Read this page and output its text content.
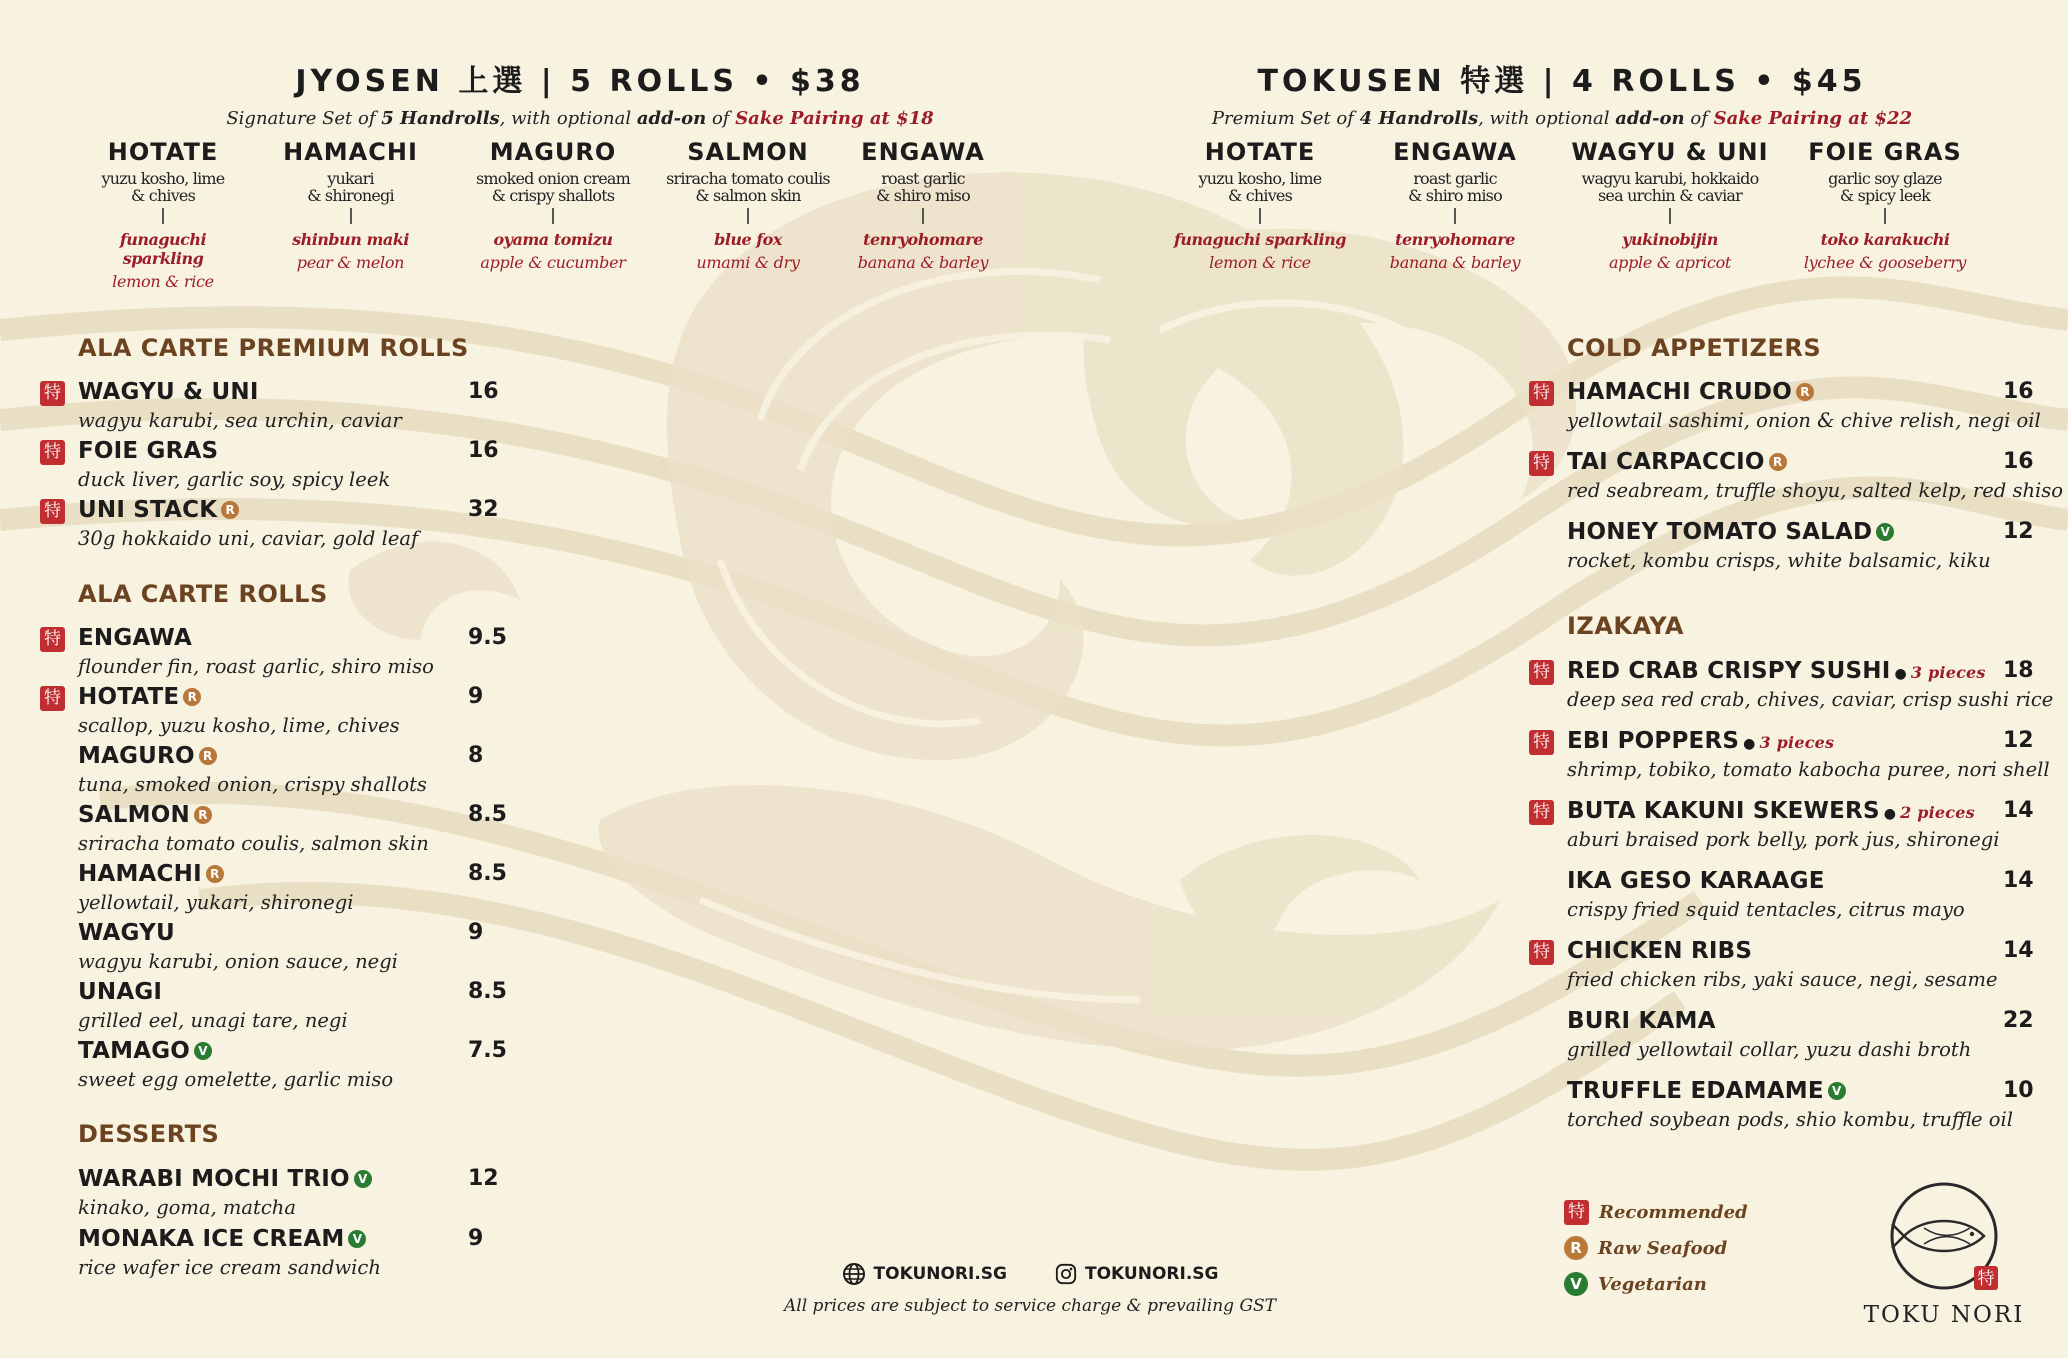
JYOSEN 上選 | 5 ROLLS • $38
Signature Set of 5 Handrolls, with optional add-on of Sake Pairing at $18
HOTATE
yuzu kosho, lime
& chives
funaguchi sparkling
lemon & rice
HAMACHI
yukari
& shironegi
shinbun maki
pear & melon
MAGURO
smoked onion cream
& crispy shallots
oyama tomizu
apple & cucumber
SALMON
sriracha tomato coulis
& salmon skin
blue fox
umami & dry
ENGAWA
roast garlic
& shiro miso
tenryohomare
banana & barley
TOKUSEN 特選 | 4 ROLLS • $45
Premium Set of 4 Handrolls, with optional add-on of Sake Pairing at $22
HOTATE
yuzu kosho, lime
& chives
funaguchi sparkling
lemon & rice
ENGAWA
roast garlic
& shiro miso
tenryohomare
banana & barley
WAGYU & UNI
wagyu karubi, hokkaido
sea urchin & caviar
yukinobijin
apple & apricot
FOIE GRAS
garlic soy glaze
& spicy leek
toko karakuchi
lychee & gooseberry
ALA CARTE PREMIUM ROLLS
特 WAGYU & UNI
wagyu karubi, sea urchin, caviar
16
特 FOIE GRAS
duck liver, garlic soy, spicy leek
16
特 UNI STACK R
30g hokkaido uni, caviar, gold leaf
32
ALA CARTE ROLLS
特 ENGAWA
flounder fin, roast garlic, shiro miso
9.5
特 HOTATE R
scallop, yuzu kosho, lime, chives
9
MAGURO R
tuna, smoked onion, crispy shallots
8
SALMON R
sriracha tomato coulis, salmon skin
8.5
HAMACHI R
yellowtail, yukari, shironegi
8.5
WAGYU
wagyu karubi, onion sauce, negi
9
UNAGI
grilled eel, unagi tare, negi
8.5
TAMAGO V
sweet egg omelette, garlic miso
7.5
DESSERTS
WARABI MOCHI TRIO V
kinako, goma, matcha
12
MONAKA ICE CREAM V
rice wafer ice cream sandwich
9
COLD APPETIZERS
特 HAMACHI CRUDO R
yellowtail sashimi, onion & chive relish, negi oil
16
特 TAI CARPACCIO R
red seabream, truffle shoyu, salted kelp, red shiso
16
HONEY TOMATO SALAD V
rocket, kombu crisps, white balsamic, kiku
12
IZAKAYA
特 RED CRAB CRISPY SUSHI ● 3 pieces
deep sea red crab, chives, caviar, crisp sushi rice
18
特 EBI POPPERS ● 3 pieces
shrimp, tobiko, tomato kabocha puree, nori shell
12
特 BUTA KAKUNI SKEWERS ● 2 pieces
aburi braised pork belly, pork jus, shironegi
14
IKA GESO KARAAGE
crispy fried squid tentacles, citrus mayo
14
特 CHICKEN RIBS
fried chicken ribs, yaki sauce, negi, sesame
14
BURI KAMA
grilled yellowtail collar, yuzu dashi broth
22
TRUFFLE EDAMAME V
torched soybean pods, shio kombu, truffle oil
10
特 Recommended
R Raw Seafood
V Vegetarian
TOKUNORI.SG	TOKUNORI.SG
All prices are subject to service charge & prevailing GST
特
TOKU NORI
